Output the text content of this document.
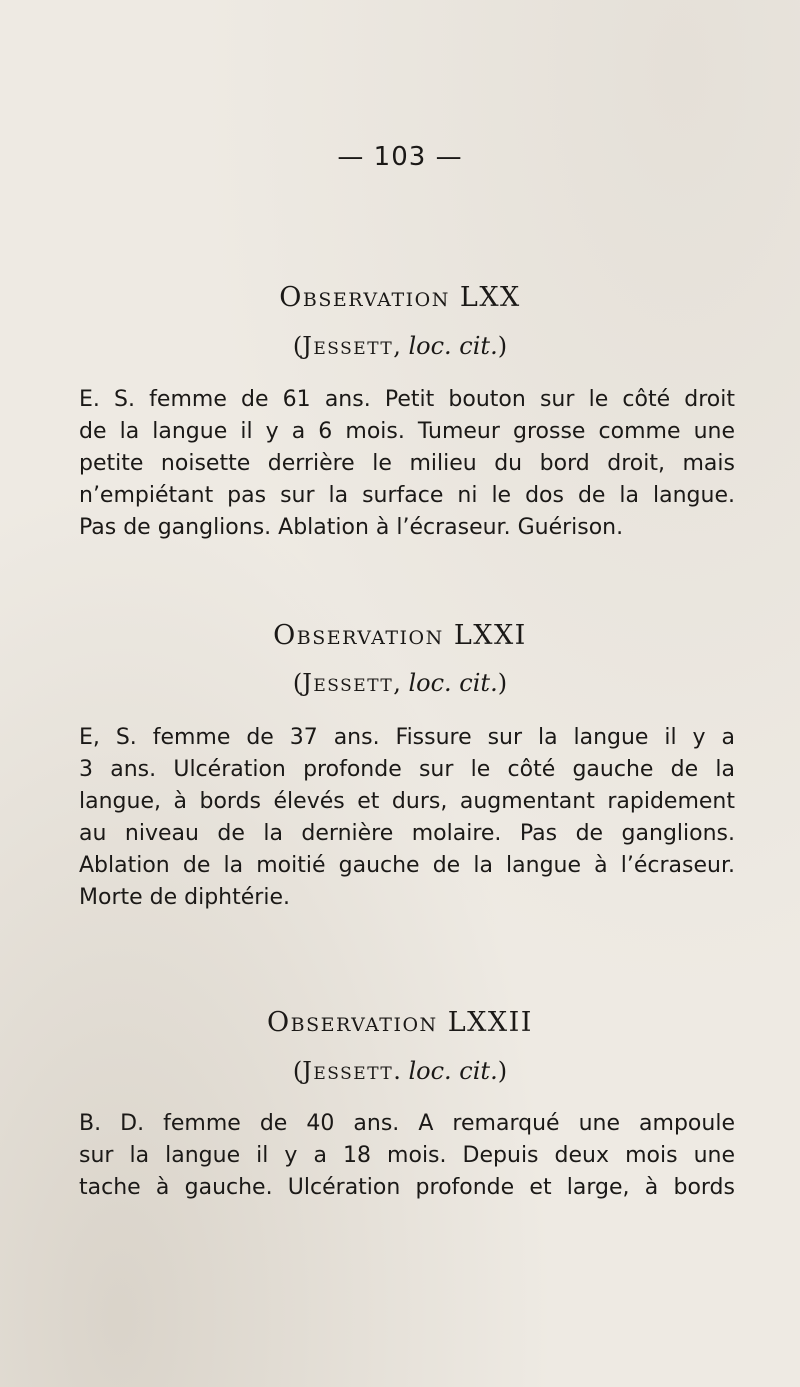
— 103 —
Observation LXX
(Jessett, loc. cit.)
E. S. femme de 61 ans. Petit bouton sur le côté droit
de la langue il y a 6 mois. Tumeur grosse comme une
petite noisette derrière le milieu du bord droit, mais
n’empiétant pas sur la surface ni le dos de la langue.
Pas de ganglions. Ablation à l’écraseur. Guérison.
Observation LXXI
(Jessett, loc. cit.)
E, S. femme de 37 ans. Fissure sur la langue il y a
3 ans. Ulcération profonde sur le côté gauche de la
langue, à bords élevés et durs, augmentant rapidement
au niveau de la dernière molaire. Pas de ganglions.
Ablation de la moitié gauche de la langue à l’écraseur.
Morte de diphtérie.
Observation LXXII
(Jessett. loc. cit.)
B. D. femme de 40 ans. A remarqué une ampoule
sur la langue il y a 18 mois. Depuis deux mois une
tache à gauche. Ulcération profonde et large, à bords
